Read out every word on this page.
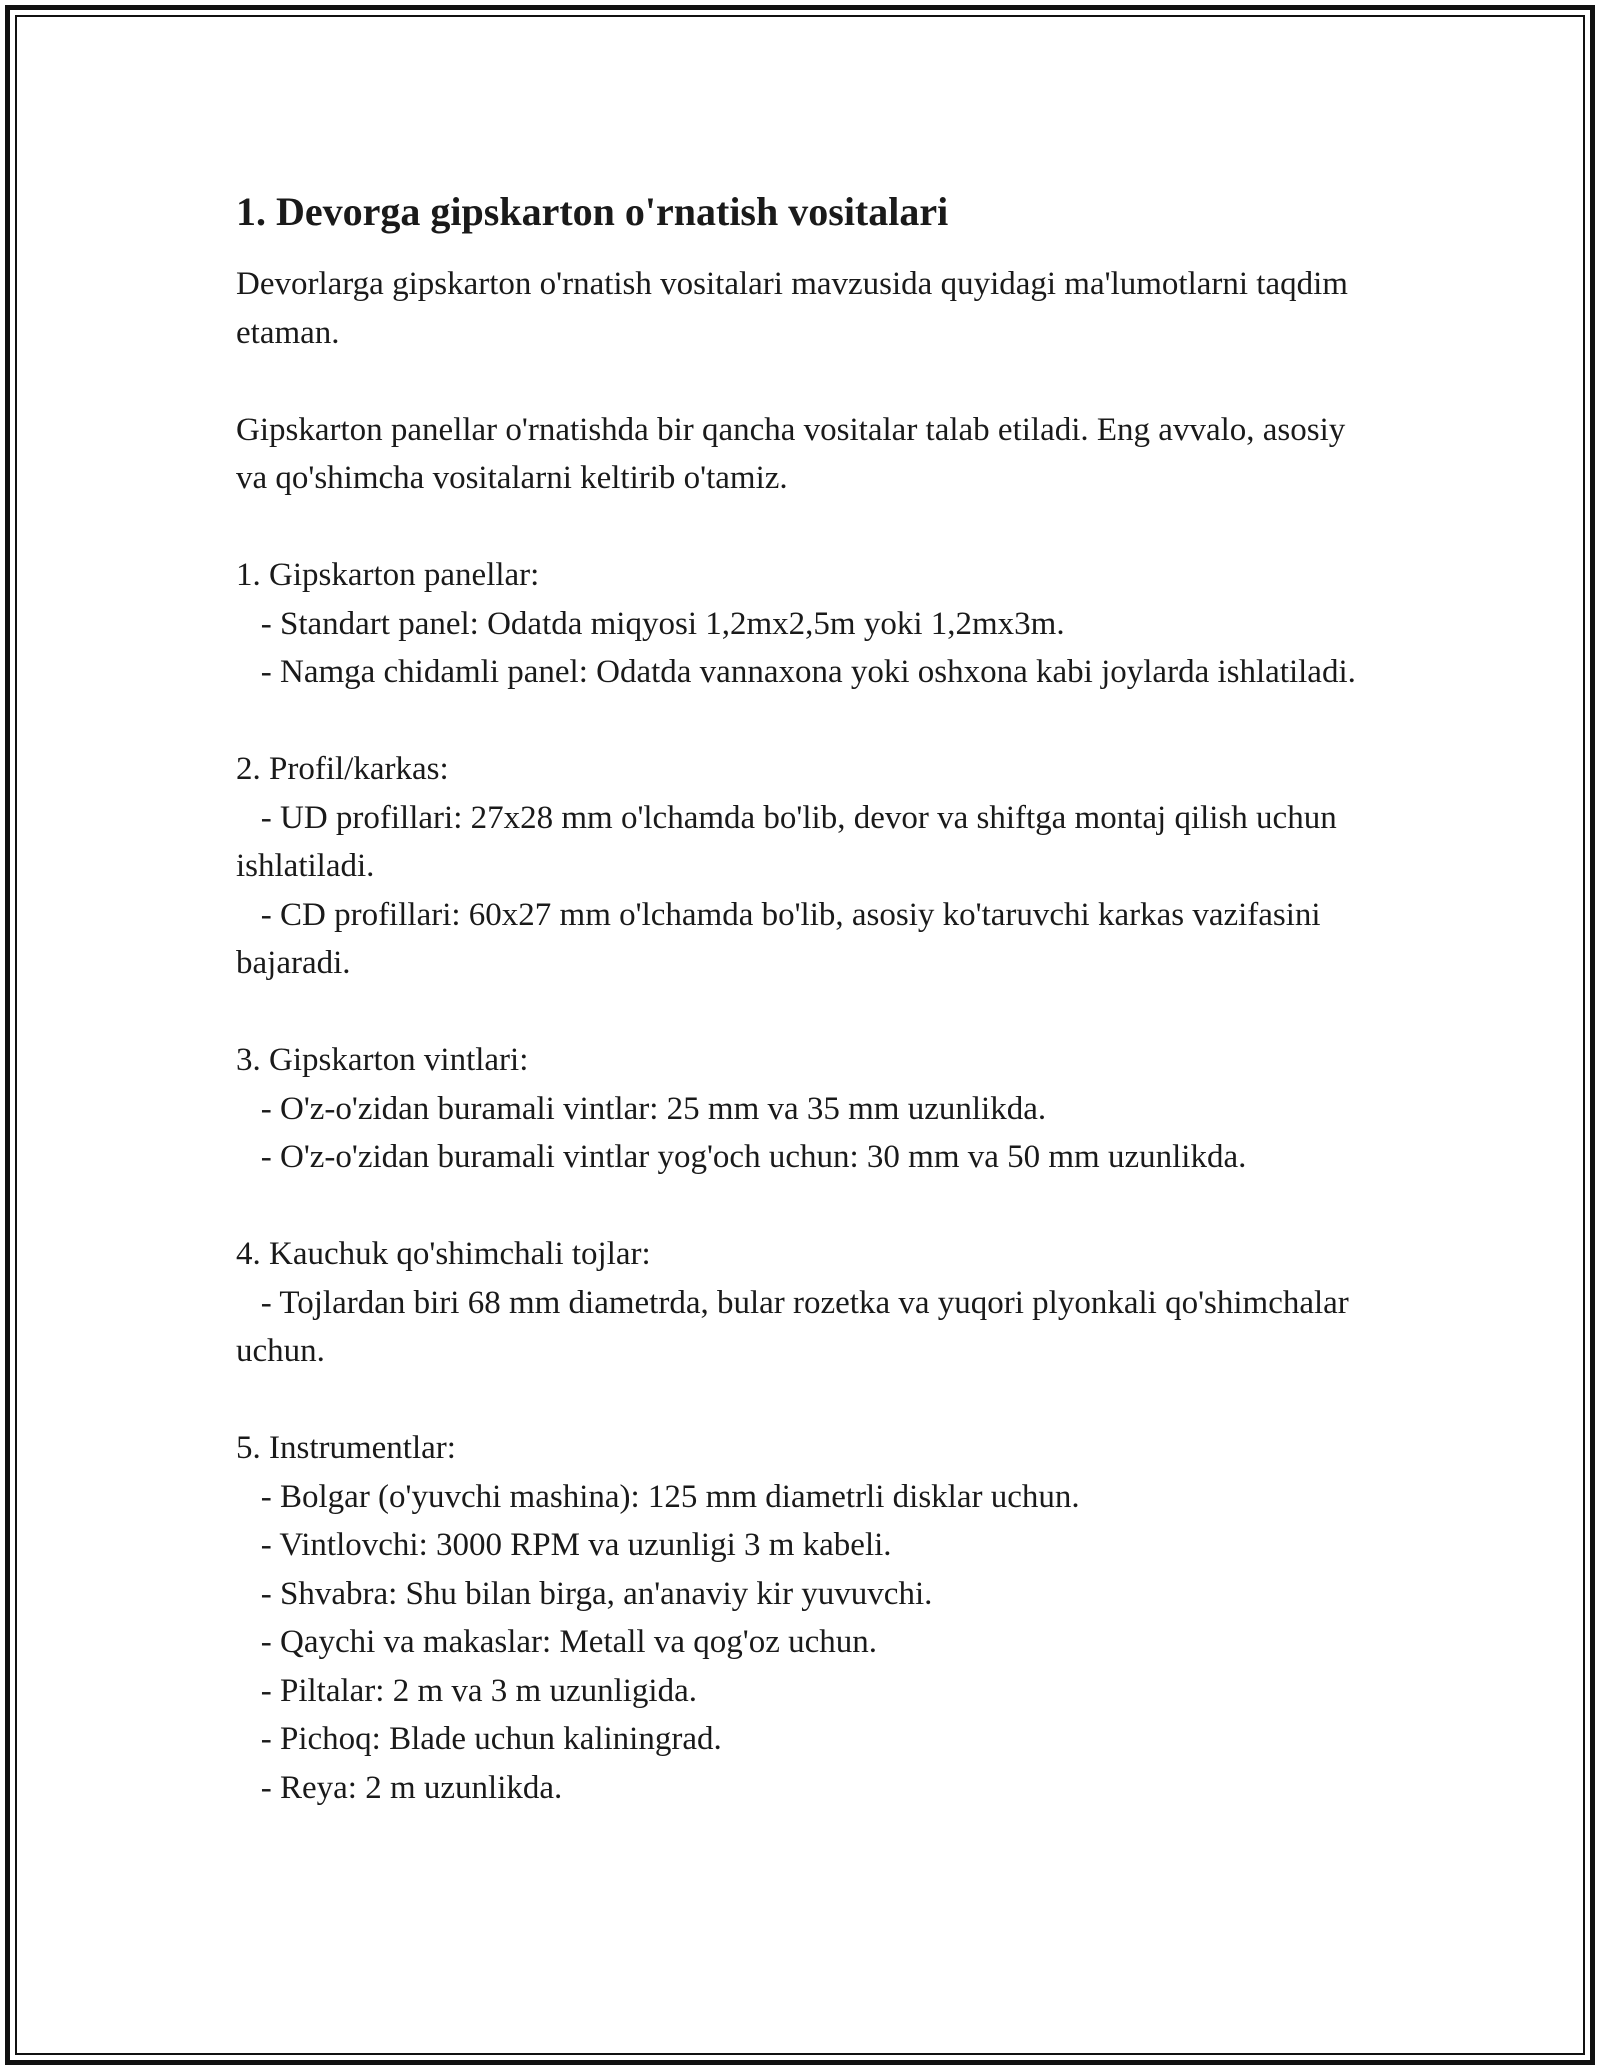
1. Devorga gipskarton o'rnatish vositalari

Devorlarga gipskarton o'rnatish vositalari mavzusida quyidagi ma'lumotlarni taqdim etaman.

Gipskarton panellar o'rnatishda bir qancha vositalar talab etiladi. Eng avvalo, asosiy va qo'shimcha vositalarni keltirib o'tamiz.

1. Gipskarton panellar:

- Standart panel: Odatda miqyosi 1,2mx2,5m yoki 1,2mx3m.

- Namga chidamli panel: Odatda vannaxona yoki oshxona kabi joylarda ishlatiladi.

2. Profil/karkas:

- UD profillari: 27x28 mm o'lchamda bo'lib, devor va shiftga montaj qilish uchun ishlatiladi.

- CD profillari: 60x27 mm o'lchamda bo'lib, asosiy ko'taruvchi karkas vazifasini bajaradi.

3. Gipskarton vintlari:

- O'z-o'zidan buramali vintlar: 25 mm va 35 mm uzunlikda.

- O'z-o'zidan buramali vintlar yog'och uchun: 30 mm va 50 mm uzunlikda.

4. Kauchuk qo'shimchali tojlar:

- Tojlardan biri 68 mm diametrda, bular rozetka va yuqori plyonkali qo'shimchalar uchun.

5. Instrumentlar:

- Bolgar (o'yuvchi mashina): 125 mm diametrli disklar uchun.

- Vintlovchi: 3000 RPM va uzunligi 3 m kabeli.

- Shvabra: Shu bilan birga, an'anaviy kir yuvuvchi.

- Qaychi va makaslar: Metall va qog'oz uchun.

- Piltalar: 2 m va 3 m uzunligida.

- Pichoq: Blade uchun kaliningrad.

- Reya: 2 m uzunlikda.
